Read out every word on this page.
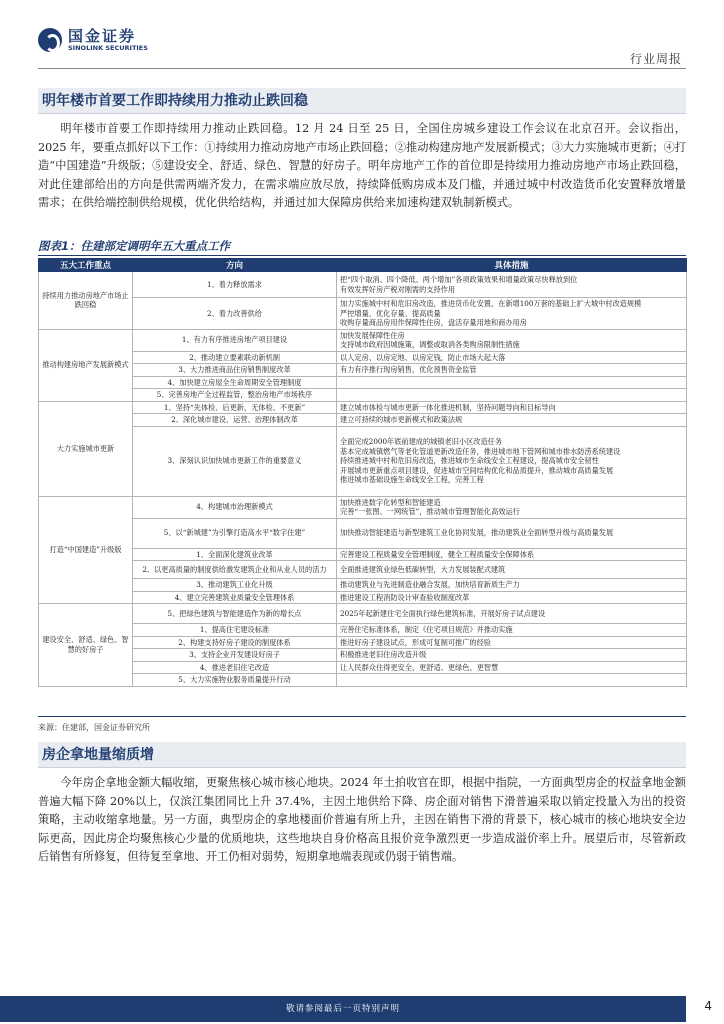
国金证券
SINOLINK SECURITIES
行业周报
明年楼市首要工作即持续用力推动止跌回稳
明年楼市首要工作即持续用力推动止跌回稳。12 月 24 日至 25 日，全国住房城乡建设工作会议在北京召开。会议指出，2025 年，要重点抓好以下工作：①持续用力推动房地产市场止跌回稳；②推动构建房地产发展新模式；③大力实施城市更新；④打造“中国建造”升级版；⑤建设安全、舒适、绿色、智慧的好房子。明年房地产工作的首位即是持续用力推动房地产市场止跌回稳，对此住建部给出的方向是供需两端齐发力，在需求端应放尽放，持续降低购房成本及门槛，并通过城中村改造货币化安置释放增量需求；在供给端控制供给规模，优化供给结构，并通过加大保障房供给来加速构建双轨制新模式。
图表1：住建部定调明年五大重点工作
五大工作重点	方向	具体措施
持续用力推动房地产市场止跌回稳	1、着力释放需求	把“四个取消、四个降低、两个增加”各项政策效果和增量政策尽快释放到位
有效发挥好房产税对刚需的支持作用

	2、着力改善供给	加力实施城中村和危旧房改造，推进货币化安置，在新增100万套的基础上扩大城中村改造规模
严控增量、优化存量、提高质量
收购存量商品房用作保障性住房，盘活存量用地和商办用房

推动构建房地产发展新模式	1、有力有序推进房地产项目建设	加快发展保障性住房
支持城市政府因城施策，调整或取消各类购房限制性措施

	2、推动建立要素联动新机制	以人定房、以房定地、以房定钱，防止市场大起大落

	3、大力推进商品住房销售制度改革	有力有序推行现房销售，优化预售资金监管

	4、加快建立房屋全生命周期安全管理制度	
	5、完善房地产全过程监管，整治房地产市场秩序	
大力实施城市更新	1、坚持“先体检、后更新，无体检、不更新”	建立城市体检与城市更新一体化推进机制，坚持问题导向和目标导向

	2、深化城市建设、运营、治理体制改革	建立可持续的城市更新模式和政策法规

	3、深刻认识加快城市更新工作的重要意义	全面完成2000年底前建成的城镇老旧小区改造任务
基本完成城镇燃气等老化管道更新改造任务，推进城市地下管网和城市排水防涝系统建设
持续推进城中村和危旧房改造，推进城市生命线安全工程建设，提高城市安全韧性
开展城市更新重点项目建设，促进城市空间结构优化和品质提升，推动城市高质量发展
推进城市基础设施生命线安全工程，完善工程

打造“中国建造”升级版	4、构建城市治理新模式	加快推进数字化转型和智能建造
完善“一张图、一网统管”，推动城市管理智能化高效运行

	5、以“新城建”为引擎打造高水平“数字住建”	加快推动智能建造与新型建筑工业化协同发展，推动建筑业全面转型升级与高质量发展

	1、全面深化建筑业改革	完善建设工程质量安全管理制度，健全工程质量安全保障体系

	2、以更高质量的制度供给激发建筑企业和从业人员的活力	全面推进建筑业绿色低碳转型，大力发展装配式建筑

	3、推动建筑工业化升级	推动建筑业与先进制造业融合发展，加快培育新质生产力

	4、建立完善建筑业质量安全管理体系	推进建设工程消防设计审查验收制度改革

建设安全、舒适、绿色、智慧的好房子	5、把绿色建筑与智能建造作为新的增长点	2025年起新建住宅全面执行绿色建筑标准，开展好房子试点建设

	1、提高住宅建设标准	完善住宅标准体系，制定《住宅项目规范》并推动实施

	2、构建支持好房子建设的制度体系	推进好房子建设试点，形成可复制可推广的经验

	3、支持企业开发建设好房子	积极推进老旧住房改造升级

	4、推进老旧住宅改造	让人民群众住得更安全、更舒适、更绿色、更智慧

	5、大力实施物业服务质量提升行动	
来源：住建部，国金证券研究所
房企拿地量缩质增
今年房企拿地金额大幅收缩，更聚焦核心城市核心地块。2024 年土拍收官在即，根据中指院，一方面典型房企的权益拿地金额普遍大幅下降 20%以上，仅滨江集团同比上升 37.4%，主因土地供给下降、房企面对销售下滑普遍采取以销定投量入为出的投资策略，主动收缩拿地量。另一方面，典型房企的拿地楼面价普遍有所上升，主因在销售下滑的背景下，核心城市的核心地块安全边际更高，因此房企均聚焦核心少量的优质地块，这些地块自身价格高且报价竞争激烈更一步造成溢价率上升。展望后市，尽管新政后销售有所修复，但待复至拿地、开工仍相对弱势，短期拿地端表现或仍弱于销售端。
敬请参阅最后一页特别声明	4
